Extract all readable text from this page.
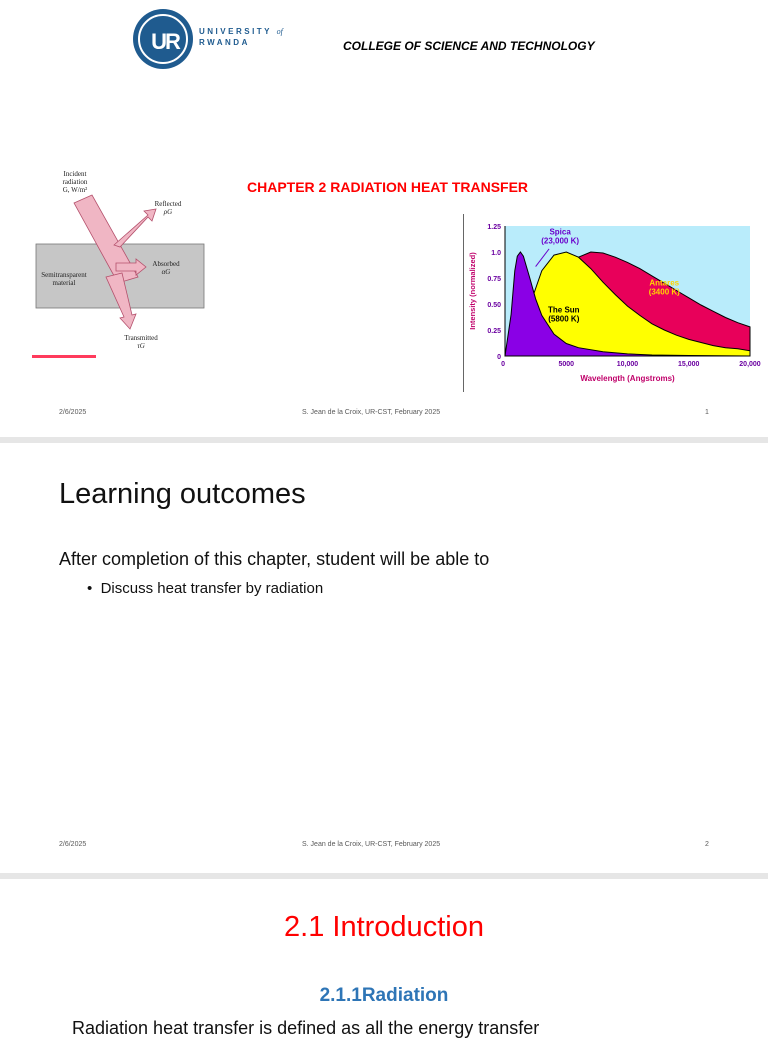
UR	UNIVERSITY of
RWANDA	COLLEGE OF SCIENCE AND TECHNOLOGY
CHAPTER 2 RADIATION HEAT TRANSFER
Incident
radiation
G, W/m²
Reflected
ρG
Absorbed
αG
Semitransparent
material
Transmitted
τG
0
0.25
0.50
0.75
1.0
1.25
0	5000	10,000	15,000	20,000
Wavelength (Angstroms)
Intensity (normalized)	Antares
(3400 K)
The Sun
(5800 K)
Spica
(23,000 K)
2/6/2025	S. Jean de la Croix, UR-CST, February 2025	1
Learning outcomes
After completion of this chapter, student will be able to
•  Discuss heat transfer by radiation
2/6/2025	S. Jean de la Croix, UR-CST, February 2025	2
2.1 Introduction
2.1.1Radiation
Radiation heat transfer is defined as all the energy transfer
